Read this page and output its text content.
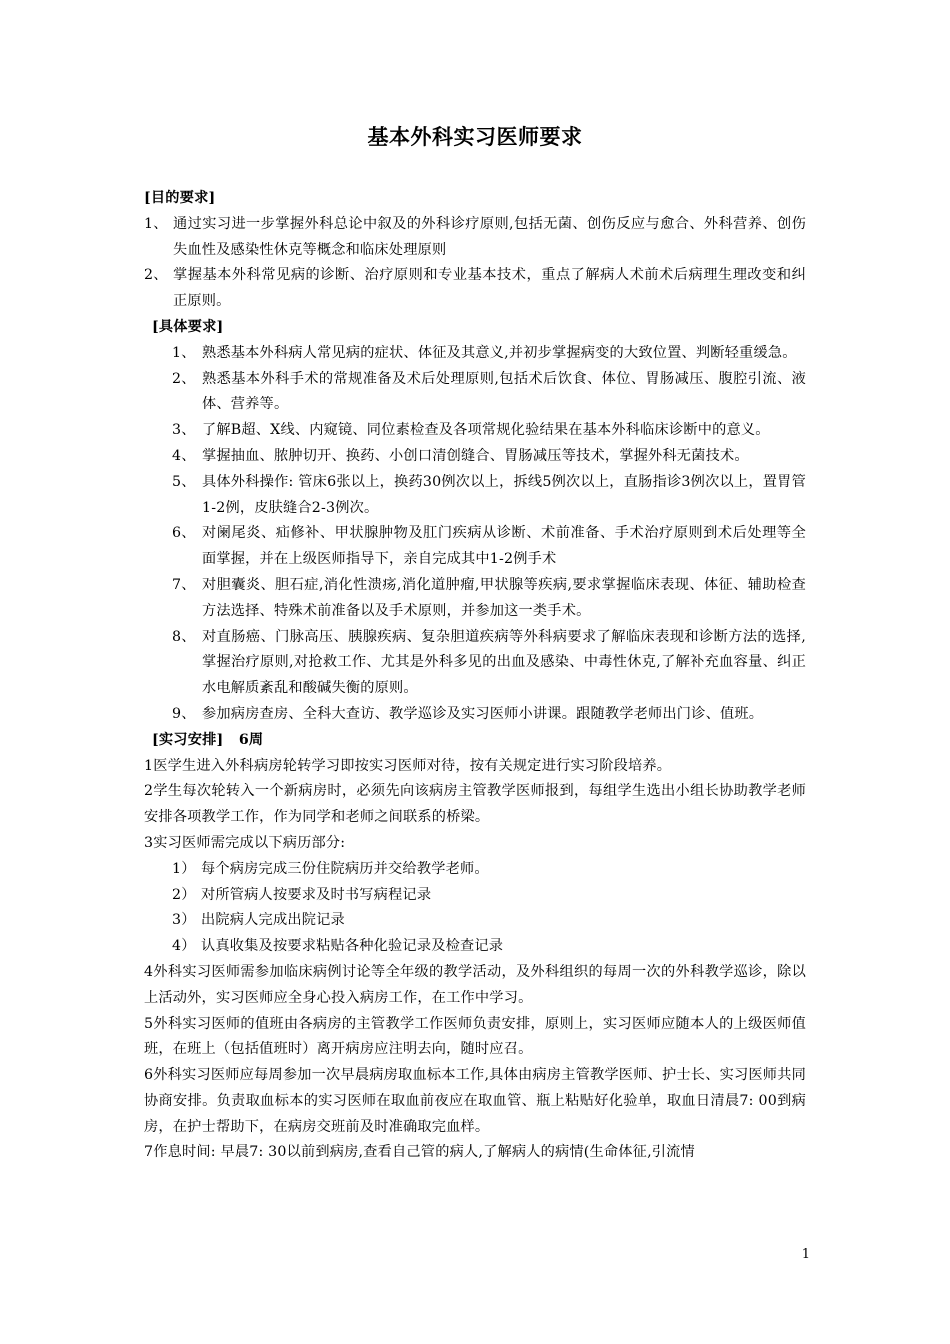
基本外科实习医师要求
[目的要求]
1、 通过实习进一步掌握外科总论中叙及的外科诊疗原则,包括无菌、创伤反应与愈合、外科营养、创伤失血性及感染性休克等概念和临床处理原则
2、 掌握基本外科常见病的诊断、治疗原则和专业基本技术，重点了解病人术前术后病理生理改变和纠正原则。
[具体要求]
1、 熟悉基本外科病人常见病的症状、体征及其意义,并初步掌握病变的大致位置、判断轻重缓急。
2、 熟悉基本外科手术的常规准备及术后处理原则,包括术后饮食、体位、胃肠减压、腹腔引流、液体、营养等。
3、 了解B超、X线、内窥镜、同位素检查及各项常规化验结果在基本外科临床诊断中的意义。
4、 掌握抽血、脓肿切开、换药、小创口清创缝合、胃肠减压等技术，掌握外科无菌技术。
5、 具体外科操作: 管床6张以上，换药30例次以上，拆线5例次以上，直肠指诊3例次以上，置胃管1-2例，皮肤缝合2-3例次。
6、 对阑尾炎、疝修补、甲状腺肿物及肛门疾病从诊断、术前准备、手术治疗原则到术后处理等全面掌握，并在上级医师指导下，亲自完成其中1-2例手术
7、 对胆囊炎、胆石症,消化性溃疡,消化道肿瘤,甲状腺等疾病,要求掌握临床表现、体征、辅助检查方法选择、特殊术前准备以及手术原则，并参加这一类手术。
8、 对直肠癌、门脉高压、胰腺疾病、复杂胆道疾病等外科病要求了解临床表现和诊断方法的选择,掌握治疗原则,对抢救工作、尤其是外科多见的出血及感染、中毒性休克,了解补充血容量、纠正水电解质紊乱和酸碱失衡的原则。
9、 参加病房查房、全科大查访、教学巡诊及实习医师小讲课。跟随教学老师出门诊、值班。
[实习安排] 6周

1医学生进入外科病房轮转学习即按实习医师对待，按有关规定进行实习阶段培养。

2学生每次轮转入一个新病房时，必须先向该病房主管教学医师报到，每组学生选出小组长协助教学老师安排各项教学工作，作为同学和老师之间联系的桥梁。

3实习医师需完成以下病历部分:

1） 每个病房完成三份住院病历并交给教学老师。
2） 对所管病人按要求及时书写病程记录
3） 出院病人完成出院记录
4） 认真收集及按要求粘贴各种化验记录及检查记录

4外科实习医师需参加临床病例讨论等全年级的教学活动，及外科组织的每周一次的外科教学巡诊，除以上活动外，实习医师应全身心投入病房工作，在工作中学习。

5外科实习医师的值班由各病房的主管教学工作医师负责安排，原则上，实习医师应随本人的上级医师值班，在班上（包括值班时）离开病房应注明去向，随时应召。

6外科实习医师应每周参加一次早晨病房取血标本工作,具体由病房主管教学医师、护士长、实习医师共同协商安排。负责取血标本的实习医师在取血前夜应在取血管、瓶上粘贴好化验单，取血日清晨7: 00到病房，在护士帮助下，在病房交班前及时准确取完血样。

7作息时间: 早晨7: 30以前到病房,查看自己管的病人,了解病人的病情(生命体征,引流情

1
